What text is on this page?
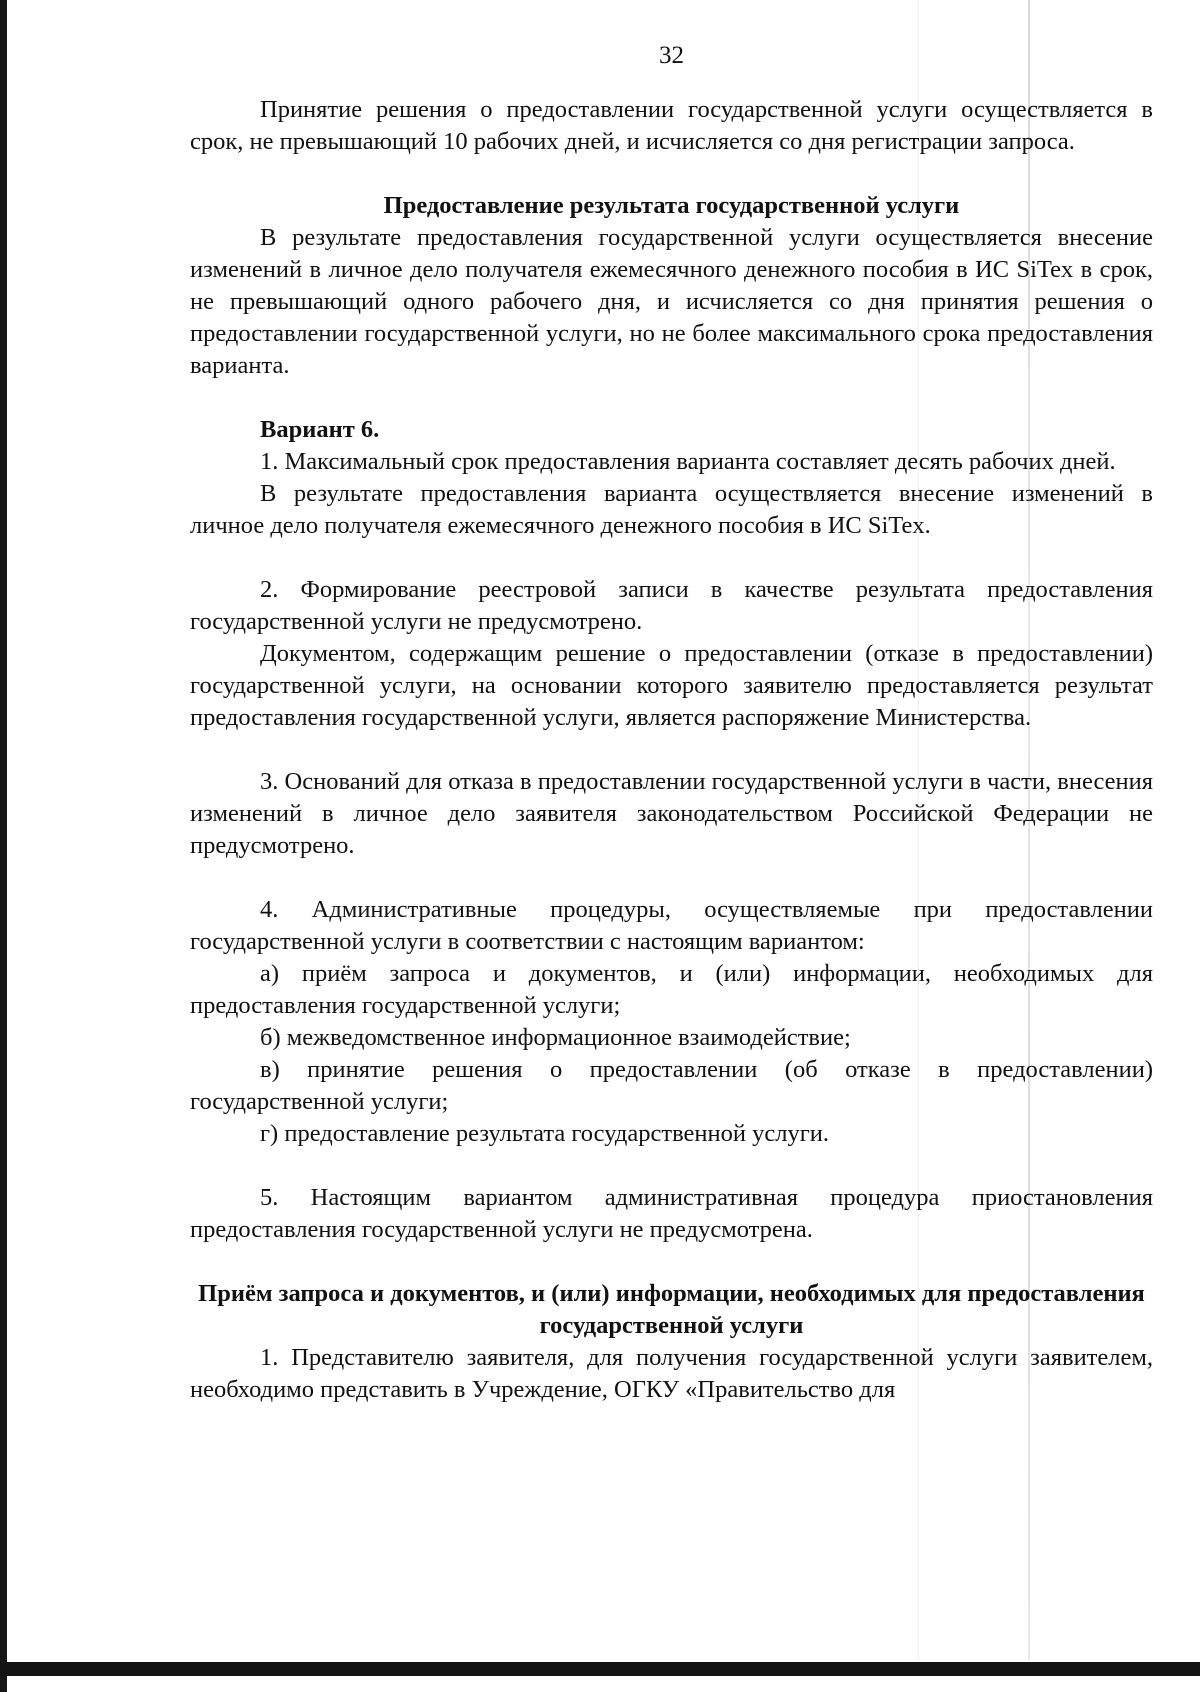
32

Принятие решения о предоставлении государственной услуги осуществляется в срок, не превышающий 10 рабочих дней, и исчисляется со дня регистрации запроса.

Предоставление результата государственной услуги

В результате предоставления государственной услуги осуществляется внесение изменений в личное дело получателя ежемесячного денежного пособия в ИС SiTex в срок, не превышающий одного рабочего дня, и исчисляется со дня принятия решения о предоставлении государственной услуги, но не более максимального срока предоставления варианта.

Вариант 6.

1. Максимальный срок предоставления варианта составляет десять рабочих дней.

В результате предоставления варианта осуществляется внесение изменений в личное дело получателя ежемесячного денежного пособия в ИС SiTex.

2. Формирование реестровой записи в качестве результата предоставления государственной услуги не предусмотрено.

Документом, содержащим решение о предоставлении (отказе в предоставлении) государственной услуги, на основании которого заявителю предоставляется результат предоставления государственной услуги, является распоряжение Министерства.

3. Оснований для отказа в предоставлении государственной услуги в части, внесения изменений в личное дело заявителя законодательством Российской Федерации не предусмотрено.

4. Административные процедуры, осуществляемые при предоставлении государственной услуги в соответствии с настоящим вариантом:

а) приём запроса и документов, и (или) информации, необходимых для предоставления государственной услуги;

б) межведомственное информационное взаимодействие;

в) принятие решения о предоставлении (об отказе в предоставлении) государственной услуги;

г) предоставление результата государственной услуги.

5. Настоящим вариантом административная процедура приостановления предоставления государственной услуги не предусмотрена.

Приём запроса и документов, и (или) информации, необходимых для предоставления государственной услуги

1. Представителю заявителя, для получения государственной услуги заявителем, необходимо представить в Учреждение, ОГКУ «Правительство для
